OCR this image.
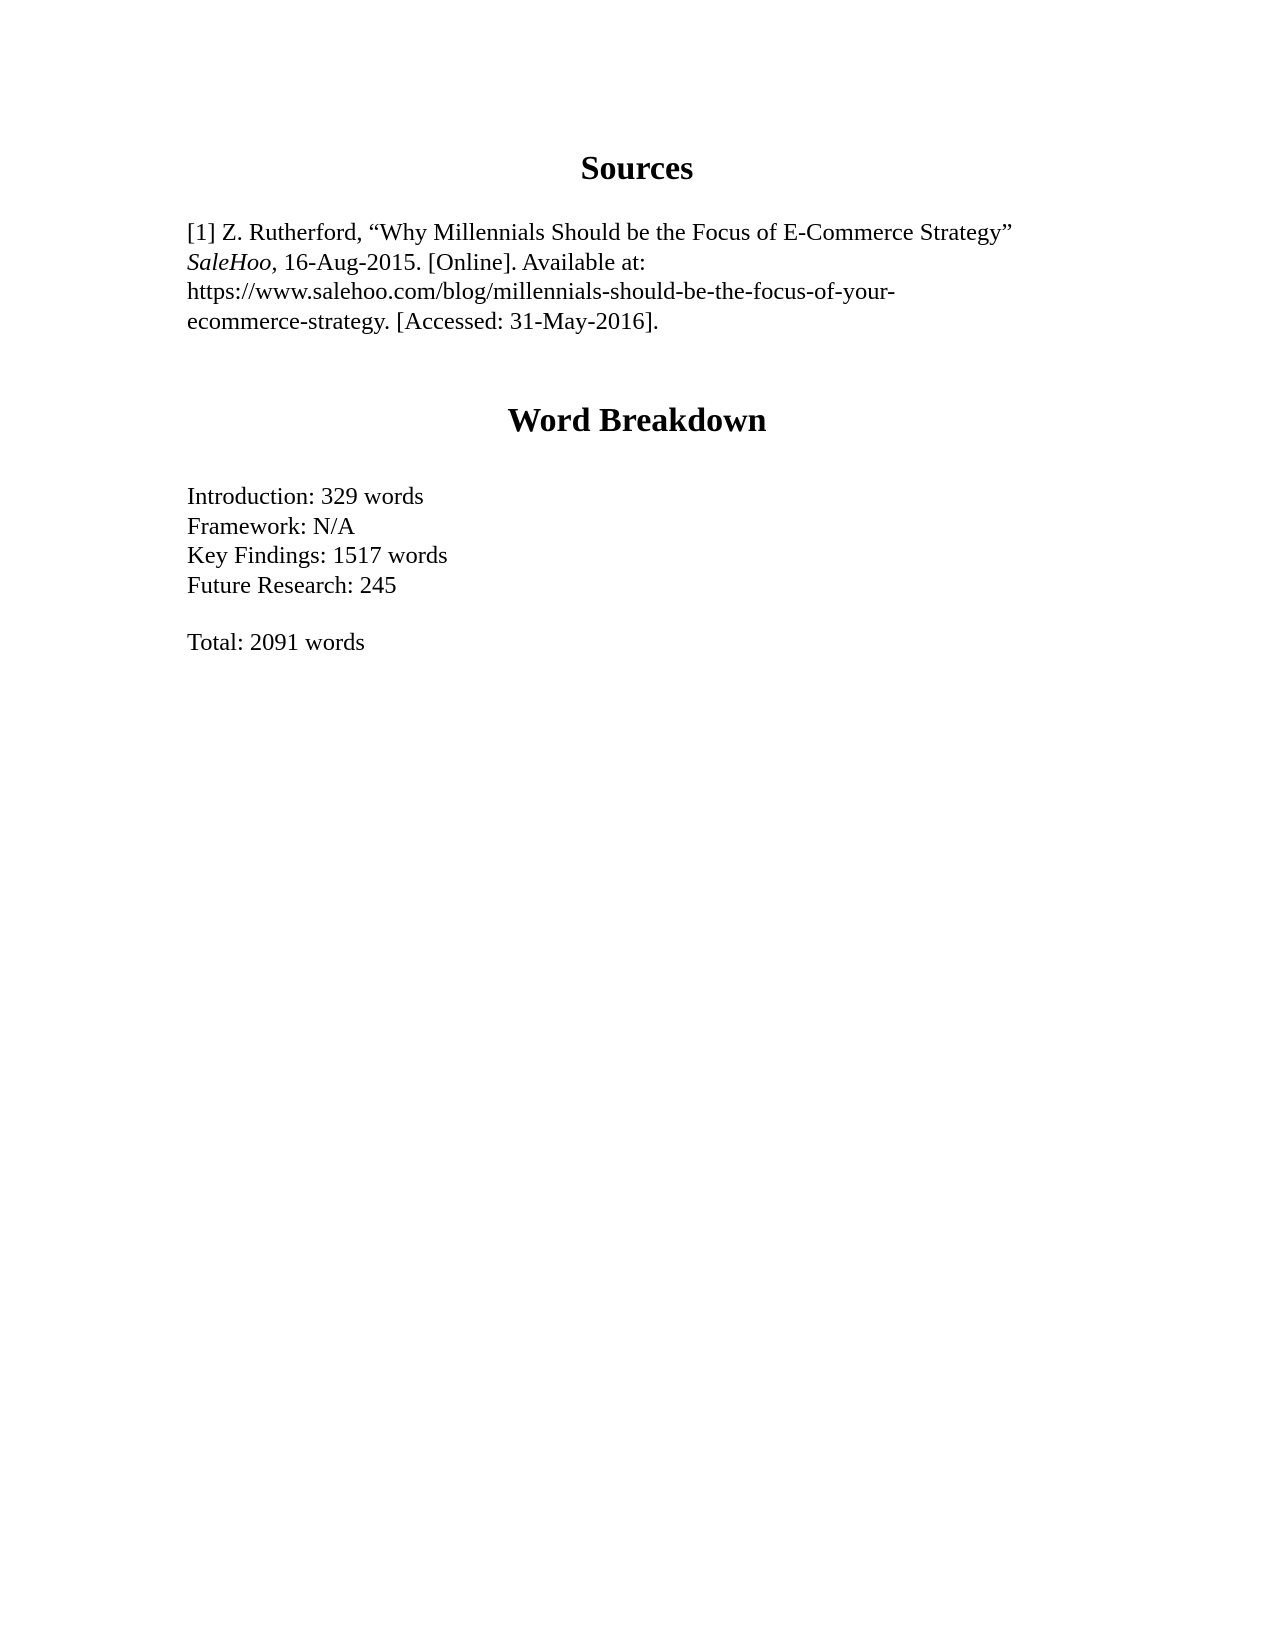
Sources
[1] Z. Rutherford, “Why Millennials Should be the Focus of E-Commerce Strategy”
SaleHoo, 16-Aug-2015. [Online]. Available at:
https://www.salehoo.com/blog/millennials-should-be-the-focus-of-your-
ecommerce-strategy. [Accessed: 31-May-2016].
Word Breakdown
Introduction: 329 words
Framework: N/A
Key Findings: 1517 words
Future Research: 245
Total: 2091 words
